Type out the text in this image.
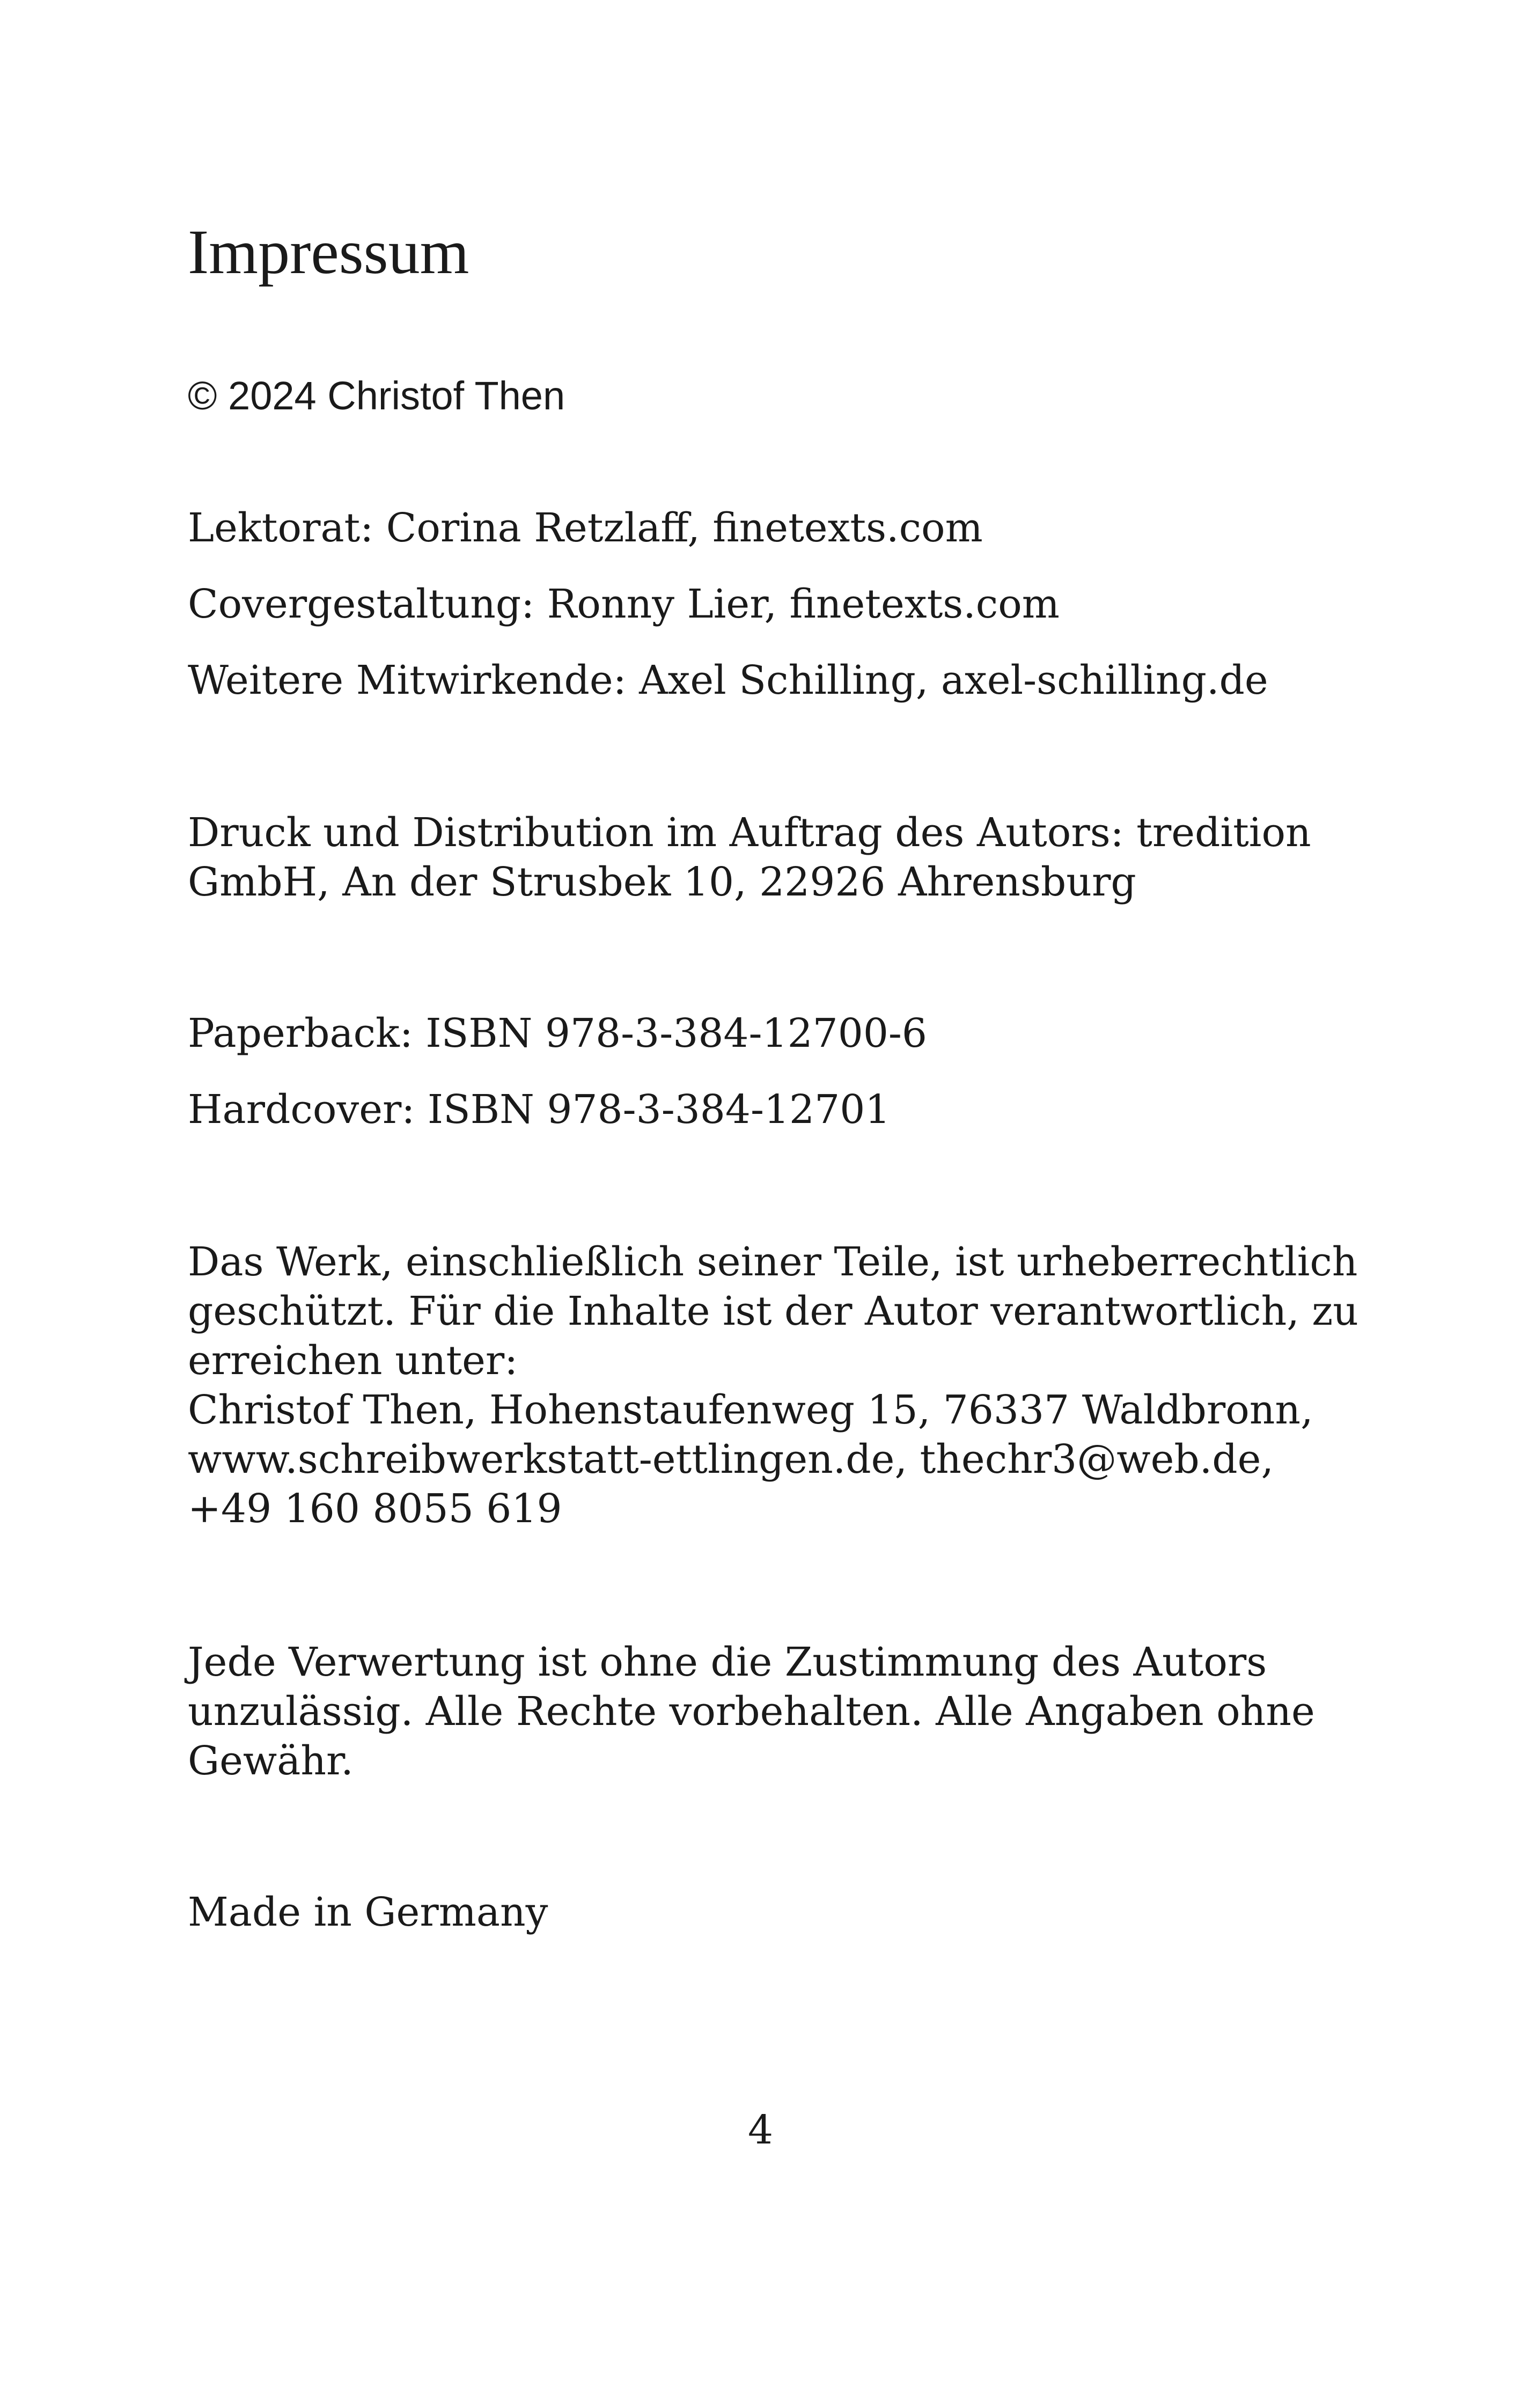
Impressum
© 2024 Christof Then
Lektorat: Corina Retzlaff, finetexts.com
Covergestaltung: Ronny Lier, finetexts.com
Weitere Mitwirkende: Axel Schilling, axel-schilling.de
Druck und Distribution im Auftrag des Autors: tredition
GmbH, An der Strusbek 10, 22926 Ahrensburg
Paperback: ISBN 978-3-384-12700-6
Hardcover: ISBN 978-3-384-12701
Das Werk, einschließlich seiner Teile, ist urheberrechtlich
geschützt. Für die Inhalte ist der Autor verantwortlich, zu
erreichen unter:
Christof Then, Hohenstaufenweg 15, 76337 Waldbronn,
www.schreibwerkstatt-ettlingen.de, thechr3@web.de,
+49 160 8055 619
Jede Verwertung ist ohne die Zustimmung des Autors
unzulässig. Alle Rechte vorbehalten. Alle Angaben ohne
Gewähr.
Made in Germany
4
